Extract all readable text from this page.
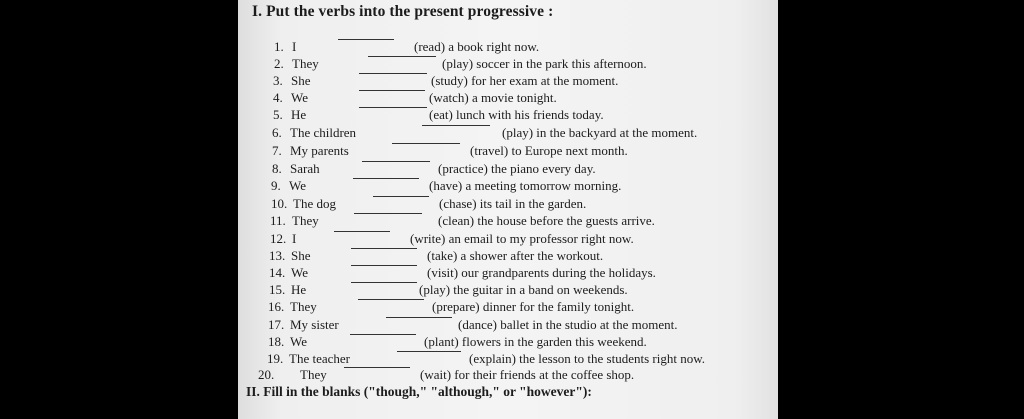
I. Put the verbs into the present progressive :
1. I	(read) a book right now.
2. They	(play) soccer in the park this afternoon.
3. She	(study) for her exam at the moment.
4. We	(watch) a movie tonight.
5. He	(eat) lunch with his friends today.
6. The children	(play) in the backyard at the moment.
7. My parents	(travel) to Europe next month.
8. Sarah	(practice) the piano every day.
9. We	(have) a meeting tomorrow morning.
10. The dog	(chase) its tail in the garden.
11. They	(clean) the house before the guests arrive.
12. I	(write) an email to my professor right now.
13. She	(take) a shower after the workout.
14. We	(visit) our grandparents during the holidays.
15. He	(play) the guitar in a band on weekends.
16. They	(prepare) dinner for the family tonight.
17. My sister	(dance) ballet in the studio at the moment.
18. We	(plant) flowers in the garden this weekend.
19. The teacher	(explain) the lesson to the students right now.
20. They	(wait) for their friends at the coffee shop.
II. Fill in the blanks ("though," "although," or "however"):
